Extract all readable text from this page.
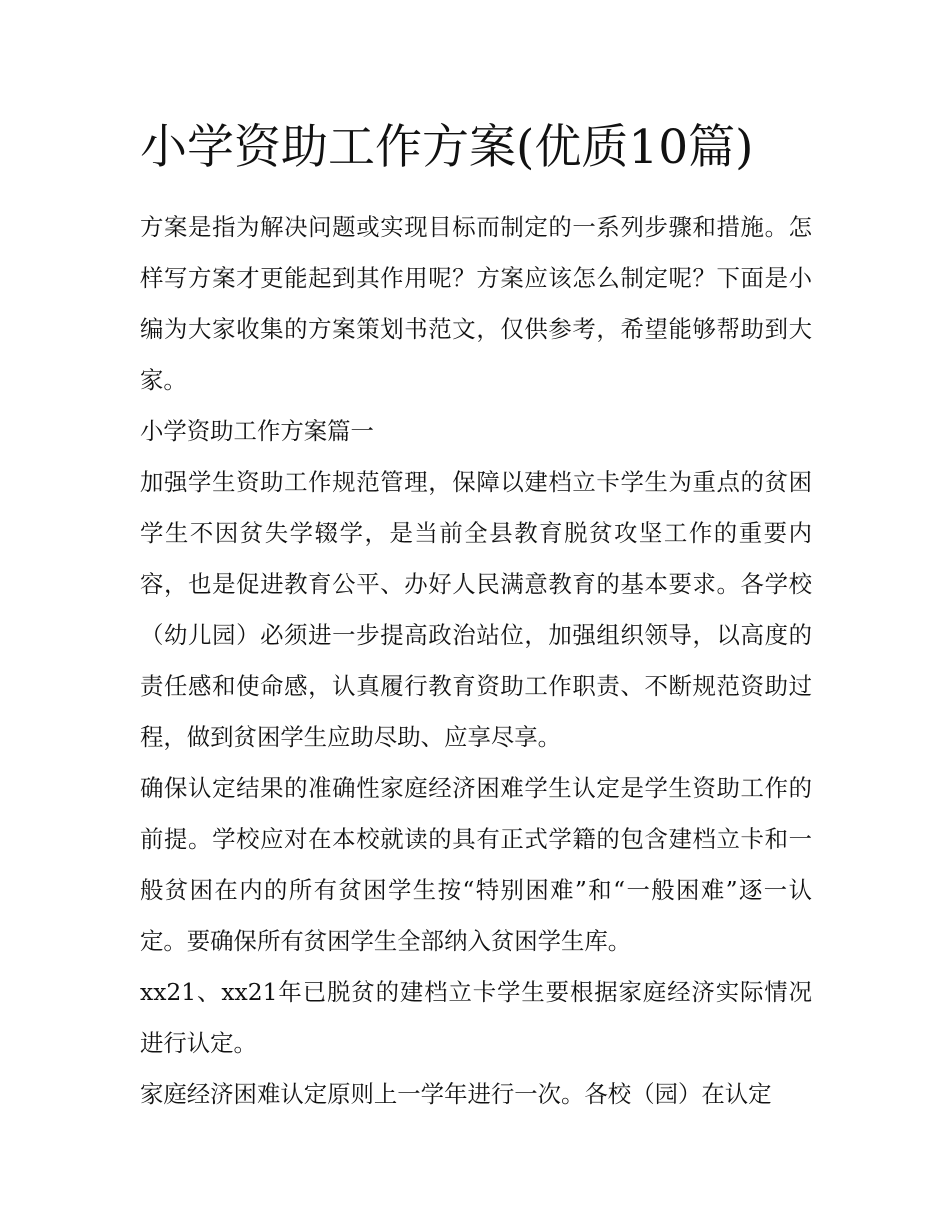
小学资助工作方案(优质10篇)

方案是指为解决问题或实现目标而制定的一系列步骤和措施。怎样写方案才更能起到其作用呢？方案应该怎么制定呢？下面是小编为大家收集的方案策划书范文，仅供参考，希望能够帮助到大家。

小学资助工作方案篇一

加强学生资助工作规范管理，保障以建档立卡学生为重点的贫困学生不因贫失学辍学，是当前全县教育脱贫攻坚工作的重要内容，也是促进教育公平、办好人民满意教育的基本要求。各学校（幼儿园）必须进一步提高政治站位，加强组织领导，以高度的责任感和使命感，认真履行教育资助工作职责、不断规范资助过程，做到贫困学生应助尽助、应享尽享。

确保认定结果的准确性家庭经济困难学生认定是学生资助工作的前提。学校应对在本校就读的具有正式学籍的包含建档立卡和一般贫困在内的所有贫困学生按“特别困难”和“一般困难”逐一认定。要确保所有贫困学生全部纳入贫困学生库。

xx21、xx21年已脱贫的建档立卡学生要根据家庭经济实际情况进行认定。

家庭经济困难认定原则上一学年进行一次。各校（园）在认定
